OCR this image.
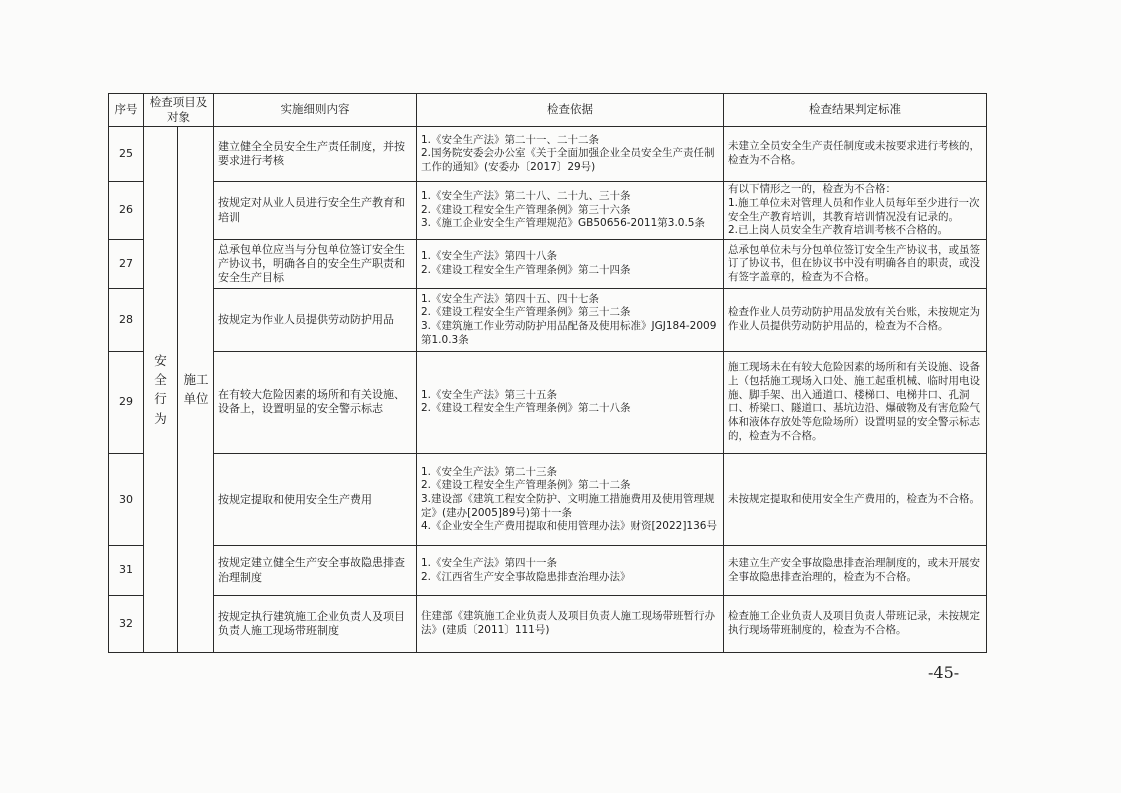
序号	检查项目及对象		实施细则内容	检查依据	检查结果判定标准
25	安全行为	施工单位	建立健全全员安全生产责任制度，并按要求进行考核	1.《安全生产法》第二十一、二十二条
2.国务院安委会办公室《关于全面加强企业全员安全生产责任制工作的通知》(安委办〔2017〕29号)	未建立全员安全生产责任制度或未按要求进行考核的，检查为不合格。

26			按规定对从业人员进行安全生产教育和培训	1.《安全生产法》第二十八、二十九、三十条
2.《建设工程安全生产管理条例》第三十六条
3.《施工企业安全生产管理规范》GB50656-2011第3.0.5条	有以下情形之一的，检查为不合格：
1.施工单位未对管理人员和作业人员每年至少进行一次安全生产教育培训，其教育培训情况没有记录的。
2.已上岗人员安全生产教育培训考核不合格的。

27			总承包单位应当与分包单位签订安全生产协议书，明确各自的安全生产职责和安全生产目标	1.《安全生产法》第四十八条
2.《建设工程安全生产管理条例》第二十四条	总承包单位未与分包单位签订安全生产协议书，或虽签订了协议书，但在协议书中没有明确各自的职责，或没有签字盖章的，检查为不合格。

28			按规定为作业人员提供劳动防护用品	1.《安全生产法》第四十五、四十七条
2.《建设工程安全生产管理条例》第三十二条
3.《建筑施工作业劳动防护用品配备及使用标准》JGJ184-2009第1.0.3条	检查作业人员劳动防护用品发放有关台账，未按规定为作业人员提供劳动防护用品的，检查为不合格。

29			在有较大危险因素的场所和有关设施、设备上，设置明显的安全警示标志	1.《安全生产法》第三十五条
2.《建设工程安全生产管理条例》第二十八条	施工现场未在有较大危险因素的场所和有关设施、设备上（包括施工现场入口处、施工起重机械、临时用电设施、脚手架、出入通道口、楼梯口、电梯井口、孔洞口、桥梁口、隧道口、基坑边沿、爆破物及有害危险气体和液体存放处等危险场所）设置明显的安全警示标志的，检查为不合格。

30			按规定提取和使用安全生产费用	1.《安全生产法》第二十三条
2.《建设工程安全生产管理条例》第二十二条
3.建设部《建筑工程安全防护、文明施工措施费用及使用管理规定》(建办[2005]89号)第十一条
4.《企业安全生产费用提取和使用管理办法》财资[2022]136号	未按规定提取和使用安全生产费用的，检查为不合格。

31			按规定建立健全生产安全事故隐患排查治理制度	1.《安全生产法》第四十一条
2.《江西省生产安全事故隐患排查治理办法》	未建立生产安全事故隐患排查治理制度的，或未开展安全事故隐患排查治理的，检查为不合格。

32			按规定执行建筑施工企业负责人及项目负责人施工现场带班制度	住建部《建筑施工企业负责人及项目负责人施工现场带班暂行办法》(建质〔2011〕111号)	检查施工企业负责人及项目负责人带班记录，未按规定执行现场带班制度的，检查为不合格。
-45-
